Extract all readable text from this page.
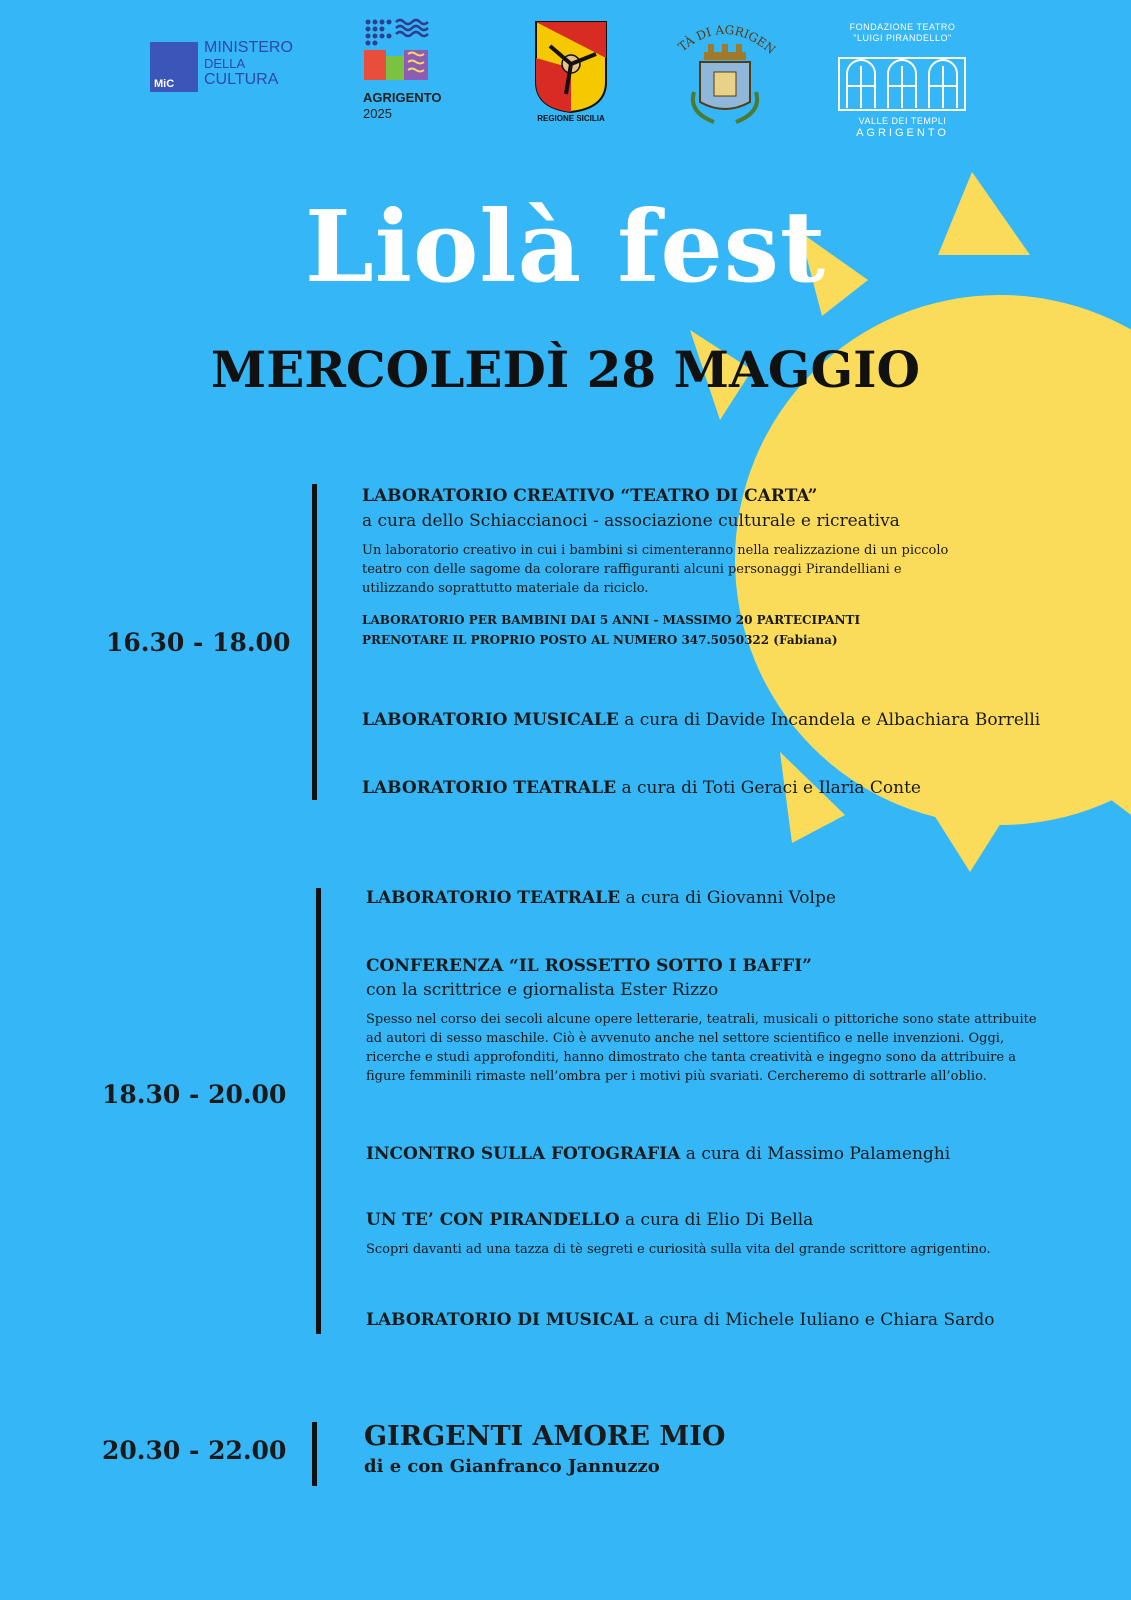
MiC
MINISTERO
DELLA
CULTURA
AGRIGENTO
2025	REGIONE SICILIA
TÀ DI AGRIGEN
FONDAZIONE TEATRO
"LUIGI PIRANDELLO"
VALLE DEI TEMPLI
AGRIGENTO
Liolà fest
MERCOLEDÌ 28 MAGGIO
16.30 - 18.00
LABORATORIO CREATIVO “TEATRO DI CARTA”
a cura dello Schiaccianoci - associazione culturale e ricreativa
Un laboratorio creativo in cui i bambini si cimenteranno nella realizzazione di un piccolo teatro con delle sagome da colorare raffiguranti alcuni personaggi Pirandelliani e utilizzando soprattutto materiale da riciclo.
LABORATORIO PER BAMBINI DAI 5 ANNI - MASSIMO 20 PARTECIPANTI
PRENOTARE IL PROPRIO POSTO AL NUMERO 347.5050322 (Fabiana)
LABORATORIO MUSICALE a cura di Davide Incandela e Albachiara Borrelli
LABORATORIO TEATRALE a cura di Toti Geraci e Ilaria Conte
18.30 - 20.00
LABORATORIO TEATRALE a cura di Giovanni Volpe
CONFERENZA “IL ROSSETTO SOTTO I BAFFI”
con la scrittrice e giornalista Ester Rizzo
Spesso nel corso dei secoli alcune opere letterarie, teatrali, musicali o pittoriche sono state attribuite ad autori di sesso maschile. Ciò è avvenuto anche nel settore scientifico e nelle invenzioni. Oggi, ricerche e studi approfonditi, hanno dimostrato che tanta creatività e ingegno sono da attribuire a figure femminili rimaste nell’ombra per i motivi più svariati. Cercheremo di sottrarle all’oblio.
INCONTRO SULLA FOTOGRAFIA a cura di Massimo Palamenghi
UN TE’ CON PIRANDELLO a cura di Elio Di Bella
Scopri davanti ad una tazza di tè segreti e curiosità sulla vita del grande scrittore agrigentino.
LABORATORIO DI MUSICAL a cura di Michele Iuliano e Chiara Sardo
20.30 - 22.00	GIRGENTI AMORE MIO
di e con Gianfranco Jannuzzo
